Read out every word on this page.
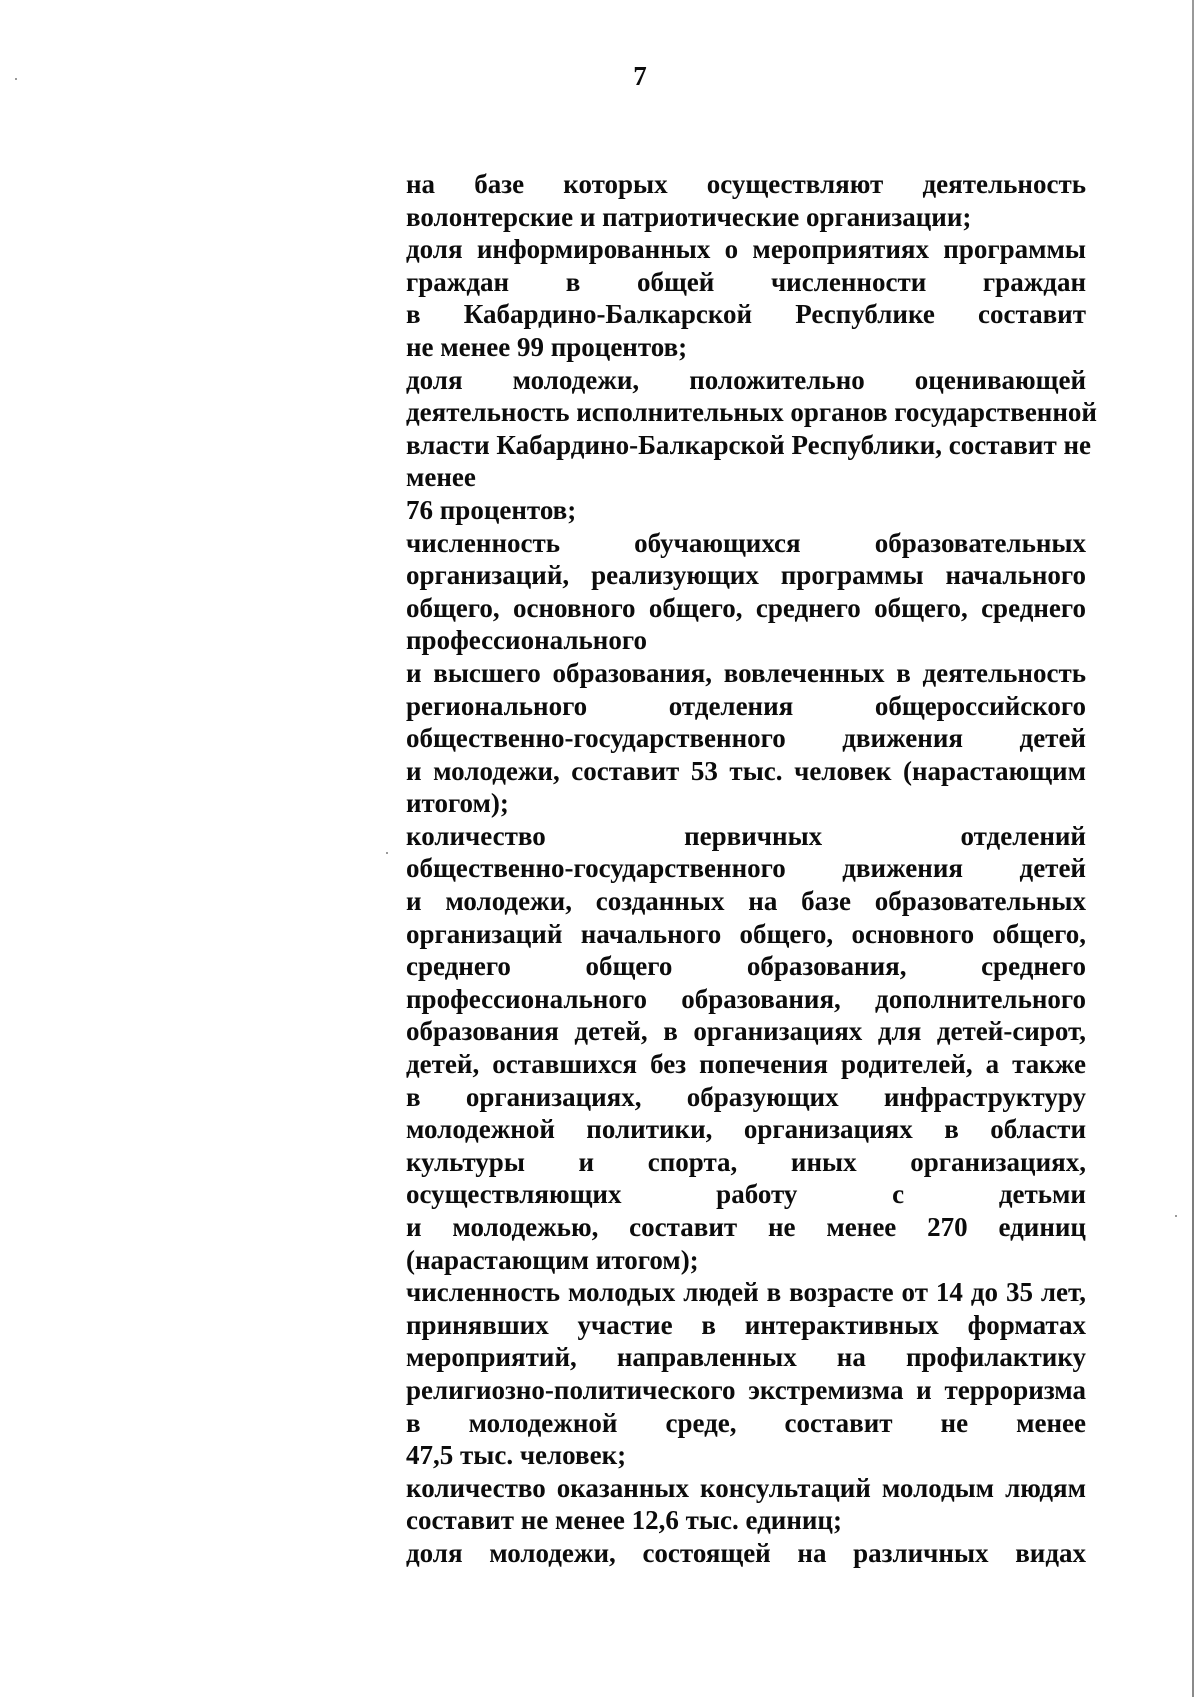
7
на базе которых осуществляют деятельность
волонтерские и патриотические организации;
доля информированных о мероприятиях программы
граждан в общей численности граждан
в Кабардино-Балкарской Республике составит
не менее 99 процентов;
доля молодежи, положительно оценивающей
деятельность исполнительных органов государственной
власти Кабардино-Балкарской Республики, составит не
менее
76 процентов;
численность обучающихся образовательных
организаций, реализующих программы начального
общего, основного общего, среднего общего, среднего
профессионального
и высшего образования, вовлеченных в деятельность
регионального отделения общероссийского
общественно-государственного движения детей
и молодежи, составит 53 тыс. человек (нарастающим
итогом);
количество первичных отделений
общественно-государственного движения детей
и молодежи, созданных на базе образовательных
организаций начального общего, основного общего,
среднего общего образования, среднего
профессионального образования, дополнительного
образования детей, в организациях для детей-сирот,
детей, оставшихся без попечения родителей, а также
в организациях, образующих инфраструктуру
молодежной политики, организациях в области
культуры и спорта, иных организациях,
осуществляющих работу с детьми
и молодежью, составит не менее 270 единиц
(нарастающим итогом);
численность молодых людей в возрасте от 14 до 35 лет,
принявших участие в интерактивных форматах
мероприятий, направленных на профилактику
религиозно-политического экстремизма и терроризма
в молодежной среде, составит не менее
47,5 тыс. человек;
количество оказанных консультаций молодым людям
составит не менее 12,6 тыс. единиц;
доля молодежи, состоящей на различных видах
